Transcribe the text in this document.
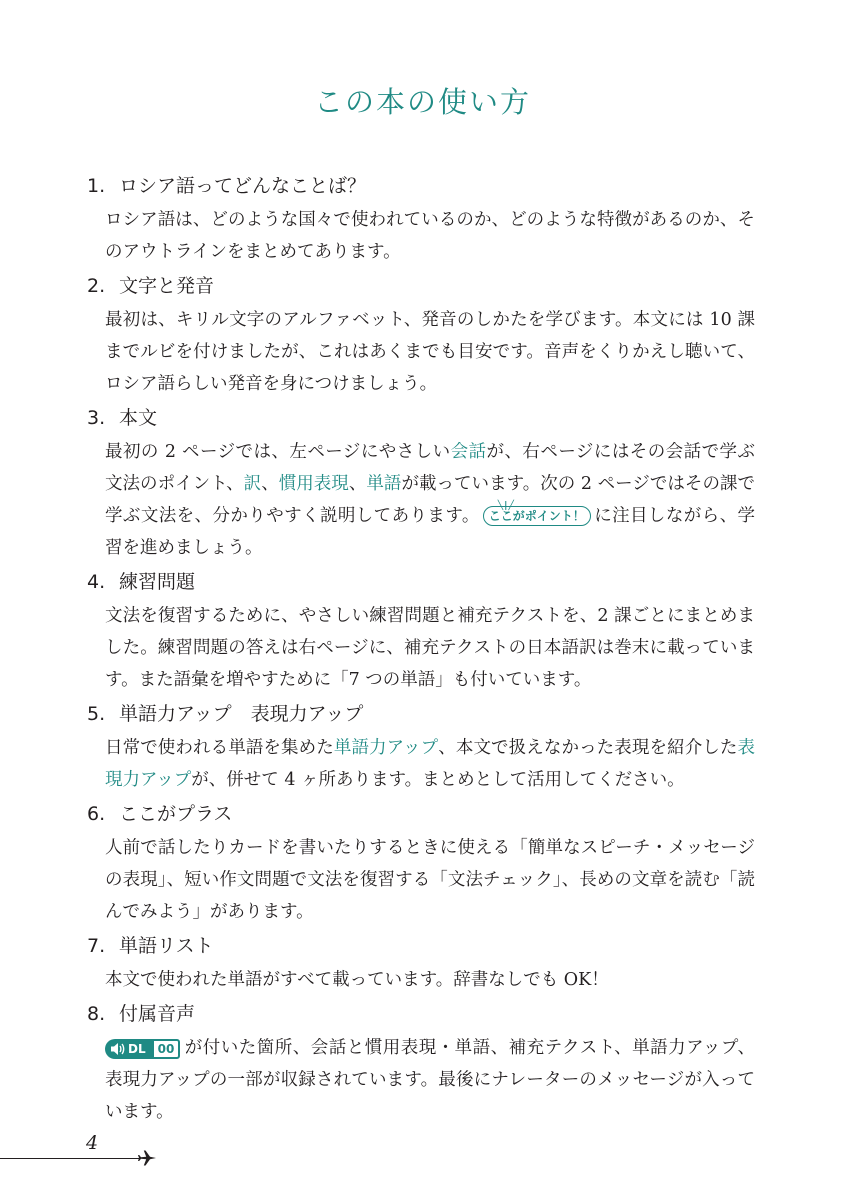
この本の使い方
1. ロシア語ってどんなことば？
ロシア語は、どのような国々で使われているのか、どのような特徴があるのか、そのアウトラインをまとめてあります。
2. 文字と発音
最初は、キリル文字のアルファベット、発音のしかたを学びます。本文には 10 課までルビを付けましたが、これはあくまでも目安です。音声をくりかえし聴いて、ロシア語らしい発音を身につけましょう。
3. 本文
最初の 2 ページでは、左ページにやさしい会話が、右ページにはその会話で学ぶ文法のポイント、訳、慣用表現、単語が載っています。次の 2 ページではその課で学ぶ文法を、分かりやすく説明してあります。 ╲|╱
ここがポイント！ に注目しながら、学習を進めましょう。
4. 練習問題
文法を復習するために、やさしい練習問題と補充テクストを、2 課ごとにまとめました。練習問題の答えは右ページに、補充テクストの日本語訳は巻末に載っています。また語彙を増やすために「7 つの単語」も付いています。
5. 単語力アップ　表現力アップ
日常で使われる単語を集めた単語力アップ、本文で扱えなかった表現を紹介した表現力アップが、併せて 4 ヶ所あります。まとめとして活用してください。
6. ここがプラス
人前で話したりカードを書いたりするときに使える「簡単なスピーチ・メッセージの表現」、短い作文問題で文法を復習する「文法チェック」、長めの文章を読む「読んでみよう」があります。
7. 単語リスト
本文で使われた単語がすべて載っています。辞書なしでも OK！
8. 付属音声
DL	00 が付いた箇所、会話と慣用表現・単語、補充テクスト、単語力アップ、表現力アップの一部が収録されています。最後にナレーターのメッセージが入っています。
4
